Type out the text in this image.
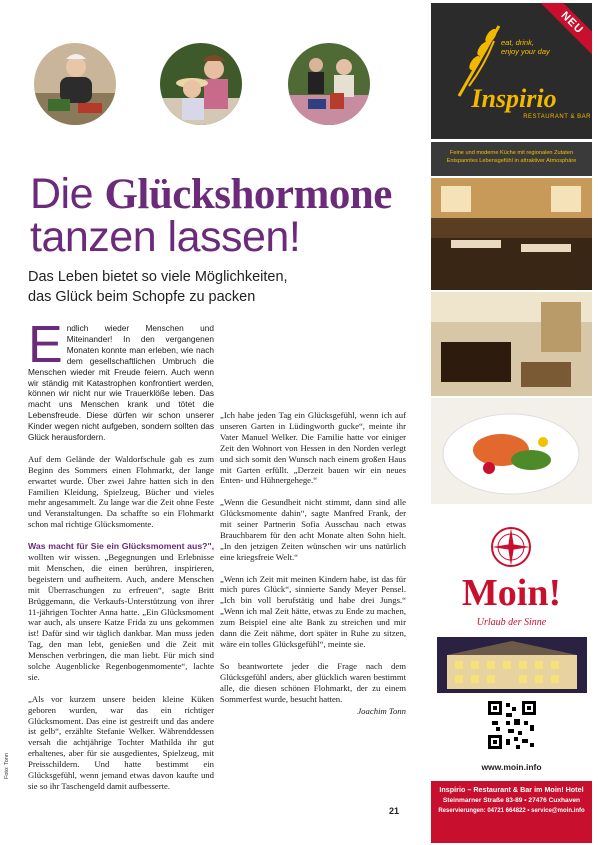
Die Glückshormone
tanzen lassen!

Das Leben bietet so viele Möglichkeiten,
das Glück beim Schopfe zu packen

Endlich wieder Menschen und Miteinander! In den vergangenen Monaten konnte man erleben, wie nach dem gesellschaftlichen Umbruch die Menschen wieder mit Freude feiern. Auch wenn wir ständig mit Katastrophen konfrontiert werden, können wir nicht nur wie Trauerklöße leben. Das macht uns Menschen krank und tötet die Lebensfreude. Diese dürfen wir schon unserer Kinder wegen nicht aufgeben, sondern sollten das Glück herausfordern.

Auf dem Gelände der Waldorfschule gab es zum Beginn des Sommers einen Flohmarkt, der lange erwartet wurde. Über zwei Jahre hatten sich in den Familien Kleidung, Spielzeug, Bücher und vieles mehr angesammelt. Zu lange war die Zeit ohne Feste und Veranstaltungen. Da schaffte so ein Flohmarkt schon mal richtige Glücksmomente.

Was macht für Sie ein Glücksmoment aus?", wollten wir wissen. „Begegnungen und Erlebnisse mit Menschen, die einen berühren, inspirieren, begeistern und aufheitern. Auch, andere Menschen mit Überraschungen zu erfreuen“, sagte Britt Brüggemann, die Verkaufs-Unterstützung von ihrer 11-jährigen Tochter Anna hatte. „Ein Glücksmoment war auch, als unsere Katze Frida zu uns gekommen ist! Dafür sind wir täglich dankbar. Man muss jeden Tag, den man lebt, genießen und die Zeit mit Menschen verbringen, die man liebt. Für mich sind solche Augenblicke Regenbogenmomente“, lachte sie.

„Als vor kurzem unsere beiden kleine Küken geboren wurden, war das ein richtiger Glücksmoment. Das eine ist gestreift und das andere ist gelb“, erzählte Stefanie Welker. Währenddessen versah die achtjährige Tochter Mathilda ihr gut erhaltenes, aber für sie ausgedientes, Spielzeug, mit Preisschildern. Und hatte bestimmt ein Glücksgefühl, wenn jemand etwas davon kaufte und sie so ihr Taschengeld damit aufbesserte.

„Ich habe jeden Tag ein Glücksgefühl, wenn ich auf unseren Garten in Lüdingworth gucke“, meinte ihr Vater Manuel Welker. Die Familie hatte vor einiger Zeit den Wohnort von Hessen in den Norden verlegt und sich somit den Wunsch nach einem großen Haus mit Garten erfüllt. „Derzeit bauen wir ein neues Enten- und Hühnergehege.“

„Wenn die Gesundheit nicht stimmt, dann sind alle Glücksmomente dahin“, sagte Manfred Frank, der mit seiner Partnerin Sofia Ausschau nach etwas Brauchbarem für den acht Monate alten Sohn hielt. „In den jetzigen Zeiten wünschen wir uns natürlich eine kriegsfreie Welt.“

„Wenn ich Zeit mit meinen Kindern habe, ist das für mich pures Glück“, sinnierte Sandy Meyer Pensel. „Ich bin voll berufstätig und habe drei Jungs.“ „Wenn ich mal Zeit hätte, etwas zu Ende zu machen, zum Beispiel eine alte Bank zu streichen und mir dann die Zeit nähme, dort später in Ruhe zu sitzen, wäre ein tolles Glücksgefühl“, meinte sie.

So beantwortete jeder die Frage nach dem Glücksgefühl anders, aber glücklich waren bestimmt alle, die diesen schönen Flohmarkt, der zu einem Sommerfest wurde, besucht hatten.

Joachim Tonn

21
Foto: Tonn
NEU
eat, drink,
enjoy your day
Inspirio
RESTAURANT & BAR
Feine und moderne Küche mit regionalen Zutaten
Entspanntes Lebensgefühl in attraktiver Atmosphäre
Moin!
Urlaub der Sinne
www.moin.info
Inspirio – Restaurant & Bar im Moin! Hotel
Steinmarner Straße 83-89 • 27476 Cuxhaven
Reservierungen: 04721 664822 • service@moin.info
